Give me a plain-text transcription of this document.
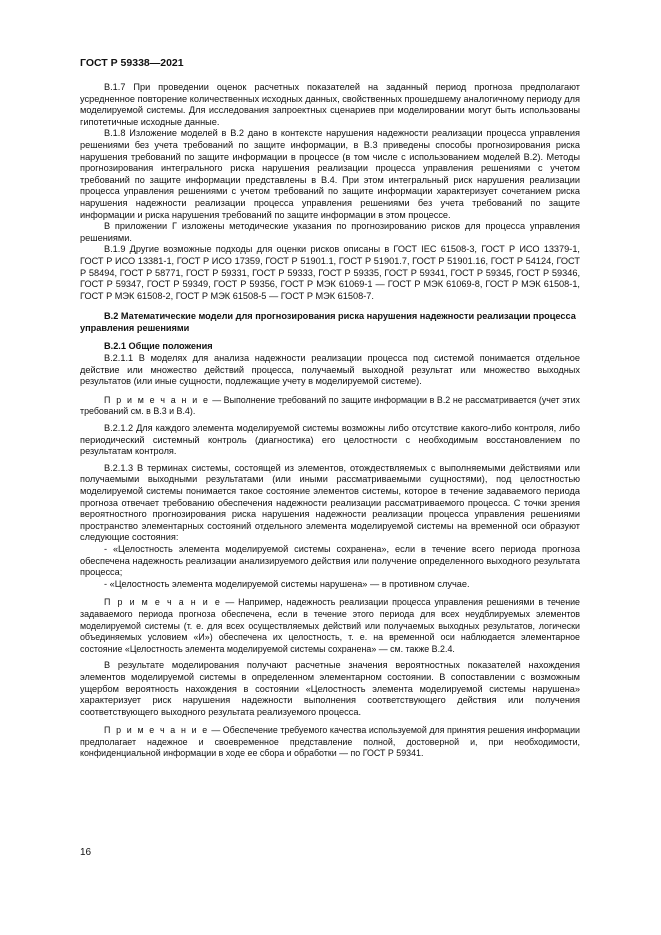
ГОСТ Р 59338—2021

В.1.7 При проведении оценок расчетных показателей на заданный период прогноза предполагают усредненное повторение количественных исходных данных, свойственных прошедшему аналогичному периоду для моделируемой системы. Для исследования запроектных сценариев при моделировании могут быть использованы гипотетичные исходные данные.

В.1.8 Изложение моделей в В.2 дано в контексте нарушения надежности реализации процесса управления решениями без учета требований по защите информации, в В.3 приведены способы прогнозирования риска нарушения требований по защите информации в процессе (в том числе с использованием моделей В.2). Методы прогнозирования интегрального риска нарушения реализации процесса управления решениями с учетом требований по защите информации представлены в В.4. При этом интегральный риск нарушения реализации процесса управления решениями с учетом требований по защите информации характеризует сочетанием риска нарушения надежности реализации процесса управления решениями без учета требований по защите информации и риска нарушения требований по защите информации в этом процессе.

В приложении Г изложены методические указания по прогнозированию рисков для процесса управления решениями.

В.1.9 Другие возможные подходы для оценки рисков описаны в ГОСТ IEC 61508-3, ГОСТ Р ИСО 13379-1, ГОСТ Р ИСО 13381-1, ГОСТ Р ИСО 17359, ГОСТ Р 51901.1, ГОСТ Р 51901.7, ГОСТ Р 51901.16, ГОСТ Р 54124, ГОСТ Р 58494, ГОСТ Р 58771, ГОСТ Р 59331, ГОСТ Р 59333, ГОСТ Р 59335, ГОСТ Р 59341, ГОСТ Р 59345, ГОСТ Р 59346, ГОСТ Р 59347, ГОСТ Р 59349, ГОСТ Р 59356, ГОСТ Р МЭК 61069-1 — ГОСТ Р МЭК 61069-8, ГОСТ Р МЭК 61508-1, ГОСТ Р МЭК 61508-2, ГОСТ Р МЭК 61508-5 — ГОСТ Р МЭК 61508-7.

В.2 Математические модели для прогнозирования риска нарушения надежности реализации процесса управления решениями

В.2.1 Общие положения

В.2.1.1 В моделях для анализа надежности реализации процесса под системой понимается отдельное действие или множество действий процесса, получаемый выходной результат или множество выходных результатов (или иные сущности, подлежащие учету в моделируемой системе).

П р и м е ч а н и е — Выполнение требований по защите информации в В.2 не рассматривается (учет этих требований см. в В.3 и В.4).

В.2.1.2 Для каждого элемента моделируемой системы возможны либо отсутствие какого-либо контроля, либо периодический системный контроль (диагностика) его целостности с необходимым восстановлением по результатам контроля.

В.2.1.3 В терминах системы, состоящей из элементов, отождествляемых с выполняемыми действиями или получаемыми выходными результатами (или иными рассматриваемыми сущностями), под целостностью моделируемой системы понимается такое состояние элементов системы, которое в течение задаваемого периода прогноза отвечает требованию обеспечения надежности реализации рассматриваемого процесса. С точки зрения вероятностного прогнозирования риска нарушения надежности реализации процесса управления решениями пространство элементарных состояний отдельного элемента моделируемой системы на временной оси образуют следующие состояния:

- «Целостность элемента моделируемой системы сохранена», если в течение всего периода прогноза обеспечена надежность реализации анализируемого действия или получение определенного выходного результата процесса;

- «Целостность элемента моделируемой системы нарушена» — в противном случае.

П р и м е ч а н и е — Например, надежность реализации процесса управления решениями в течение задаваемого периода прогноза обеспечена, если в течение этого периода для всех неудблируемых элементов моделируемой системы (т. е. для всех осуществляемых действий или получаемых выходных результатов, логически объединяемых условием «И») обеспечена их целостность, т. е. на временной оси наблюдается элементарное состояние «Целостность элемента моделируемой системы сохранена» — см. также В.2.4.

В результате моделирования получают расчетные значения вероятностных показателей нахождения элементов моделируемой системы в определенном элементарном состоянии. В сопоставлении с возможным ущербом вероятность нахождения в состоянии «Целостность элемента моделируемой системы нарушена» характеризует риск нарушения надежности выполнения соответствующего действия или получения соответствующего выходного результата реализуемого процесса.

П р и м е ч а н и е — Обеспечение требуемого качества используемой для принятия решения информации предполагает надежное и своевременное представление полной, достоверной и, при необходимости, конфиденциальной информации в ходе ее сбора и обработки — по ГОСТ Р 59341.

16
